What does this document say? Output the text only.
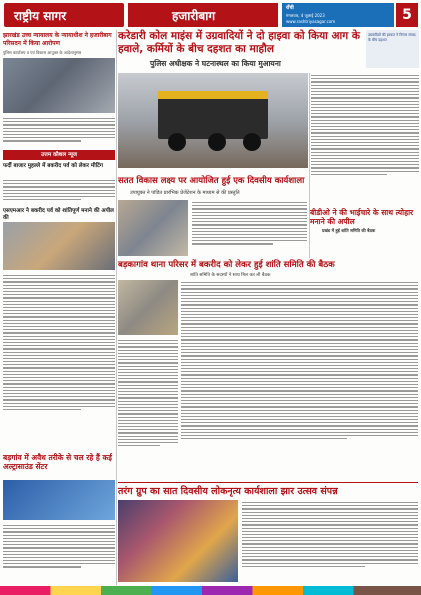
राष्ट्रीय सागर	हजारीबाग
राँची
मंगलवार, 4 जुलाई 2023
www.rashtriyasagar.com	5
करेडारी कोल माइंस में उग्रवादियों ने दो हाइवा को किया आग के हवाले, कर्मियों के बीच दहशत का माहौल
पुलिस अधीक्षक ने घटनास्थल का किया मुआयना
उग्रवादियों की हरकत ने निरंतर संवाद के बीच दहशत
झारखंड उच्च न्यायालय के न्यायाधीश ने हजारीबाग परिसदन में किया आरोपण
पुलिस कार्यालय व एवं विकास आयुक्त के आदेशानुसार
उत्तम कौशल न्यूज
फर्दी बाजार मुहल्ले में बकरीद पर्व को लेकर मीटिंग
एसएमआर ने बकरीद पर्व को शांतिपूर्ण मनाने की अपील की
बड़गांव में अवैध तरीके से चल रहे हैं कई अल्ट्रासाउंड सेंटर
सतत विकास लक्ष्य पर आयोजित हुई एक दिवसीय कार्यशाला
उपायुक्त ने पांडित प्रारंभिक प्रेजेंटेशन के माध्यम से की प्रस्तुति
बीडीओ ने की भाईचारे के साथ त्योहार मनाने की अपील
प्रखंड में हुई शांति समिति की बैठक
बड़कागांव थाना परिसर में बकरीद को लेकर हुई शांति समिति की बैठक
शांति समिति के सदस्यों ने साथ मिल कर ली बैठक
तरंग ग्रुप का सात दिवसीय लोकनृत्य कार्यशाला झार उत्सव संपन्न
